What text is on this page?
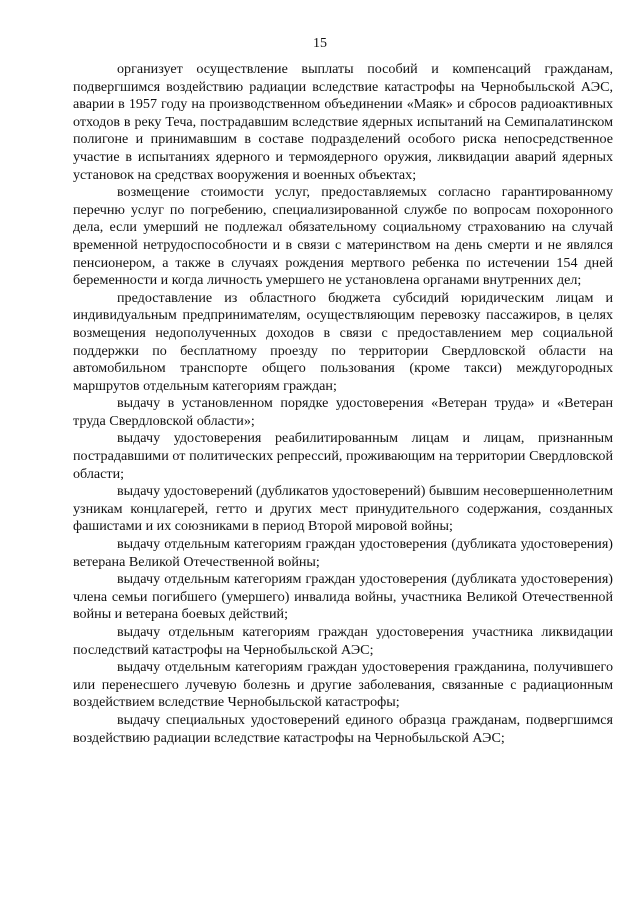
15

организует осуществление выплаты пособий и компенсаций гражданам, подвергшимся воздействию радиации вследствие катастрофы на Чернобыльской АЭС, аварии в 1957 году на производственном объединении «Маяк» и сбросов радиоактивных отходов в реку Теча, пострадавшим вследствие ядерных испытаний на Семипалатинском полигоне и принимавшим в составе подразделений особого риска непосредственное участие в испытаниях ядерного и термоядерного оружия, ликвидации аварий ядерных установок на средствах вооружения и военных объектах;

возмещение стоимости услуг, предоставляемых согласно гарантированному перечню услуг по погребению, специализированной службе по вопросам похоронного дела, если умерший не подлежал обязательному социальному страхованию на случай временной нетрудоспособности и в связи с материнством на день смерти и не являлся пенсионером, а также в случаях рождения мертвого ребенка по истечении 154 дней беременности и когда личность умершего не установлена органами внутренних дел;

предоставление из областного бюджета субсидий юридическим лицам и индивидуальным предпринимателям, осуществляющим перевозку пассажиров, в целях возмещения недополученных доходов в связи с предоставлением мер социальной поддержки по бесплатному проезду по территории Свердловской области на автомобильном транспорте общего пользования (кроме такси) междугородных маршрутов отдельным категориям граждан;

выдачу в установленном порядке удостоверения «Ветеран труда» и «Ветеран труда Свердловской области»;

выдачу удостоверения реабилитированным лицам и лицам, признанным пострадавшими от политических репрессий, проживающим на территории Свердловской области;

выдачу удостоверений (дубликатов удостоверений) бывшим несовершеннолетним узникам концлагерей, гетто и других мест принудительного содержания, созданных фашистами и их союзниками в период Второй мировой войны;

выдачу отдельным категориям граждан удостоверения (дубликата удостоверения) ветерана Великой Отечественной войны;

выдачу отдельным категориям граждан удостоверения (дубликата удостоверения) члена семьи погибшего (умершего) инвалида войны, участника Великой Отечественной войны и ветерана боевых действий;

выдачу отдельным категориям граждан удостоверения участника ликвидации последствий катастрофы на Чернобыльской АЭС;

выдачу отдельным категориям граждан удостоверения гражданина, получившего или перенесшего лучевую болезнь и другие заболевания, связанные с радиационным воздействием вследствие Чернобыльской катастрофы;

выдачу специальных удостоверений единого образца гражданам, подвергшимся воздействию радиации вследствие катастрофы на Чернобыльской АЭС;
